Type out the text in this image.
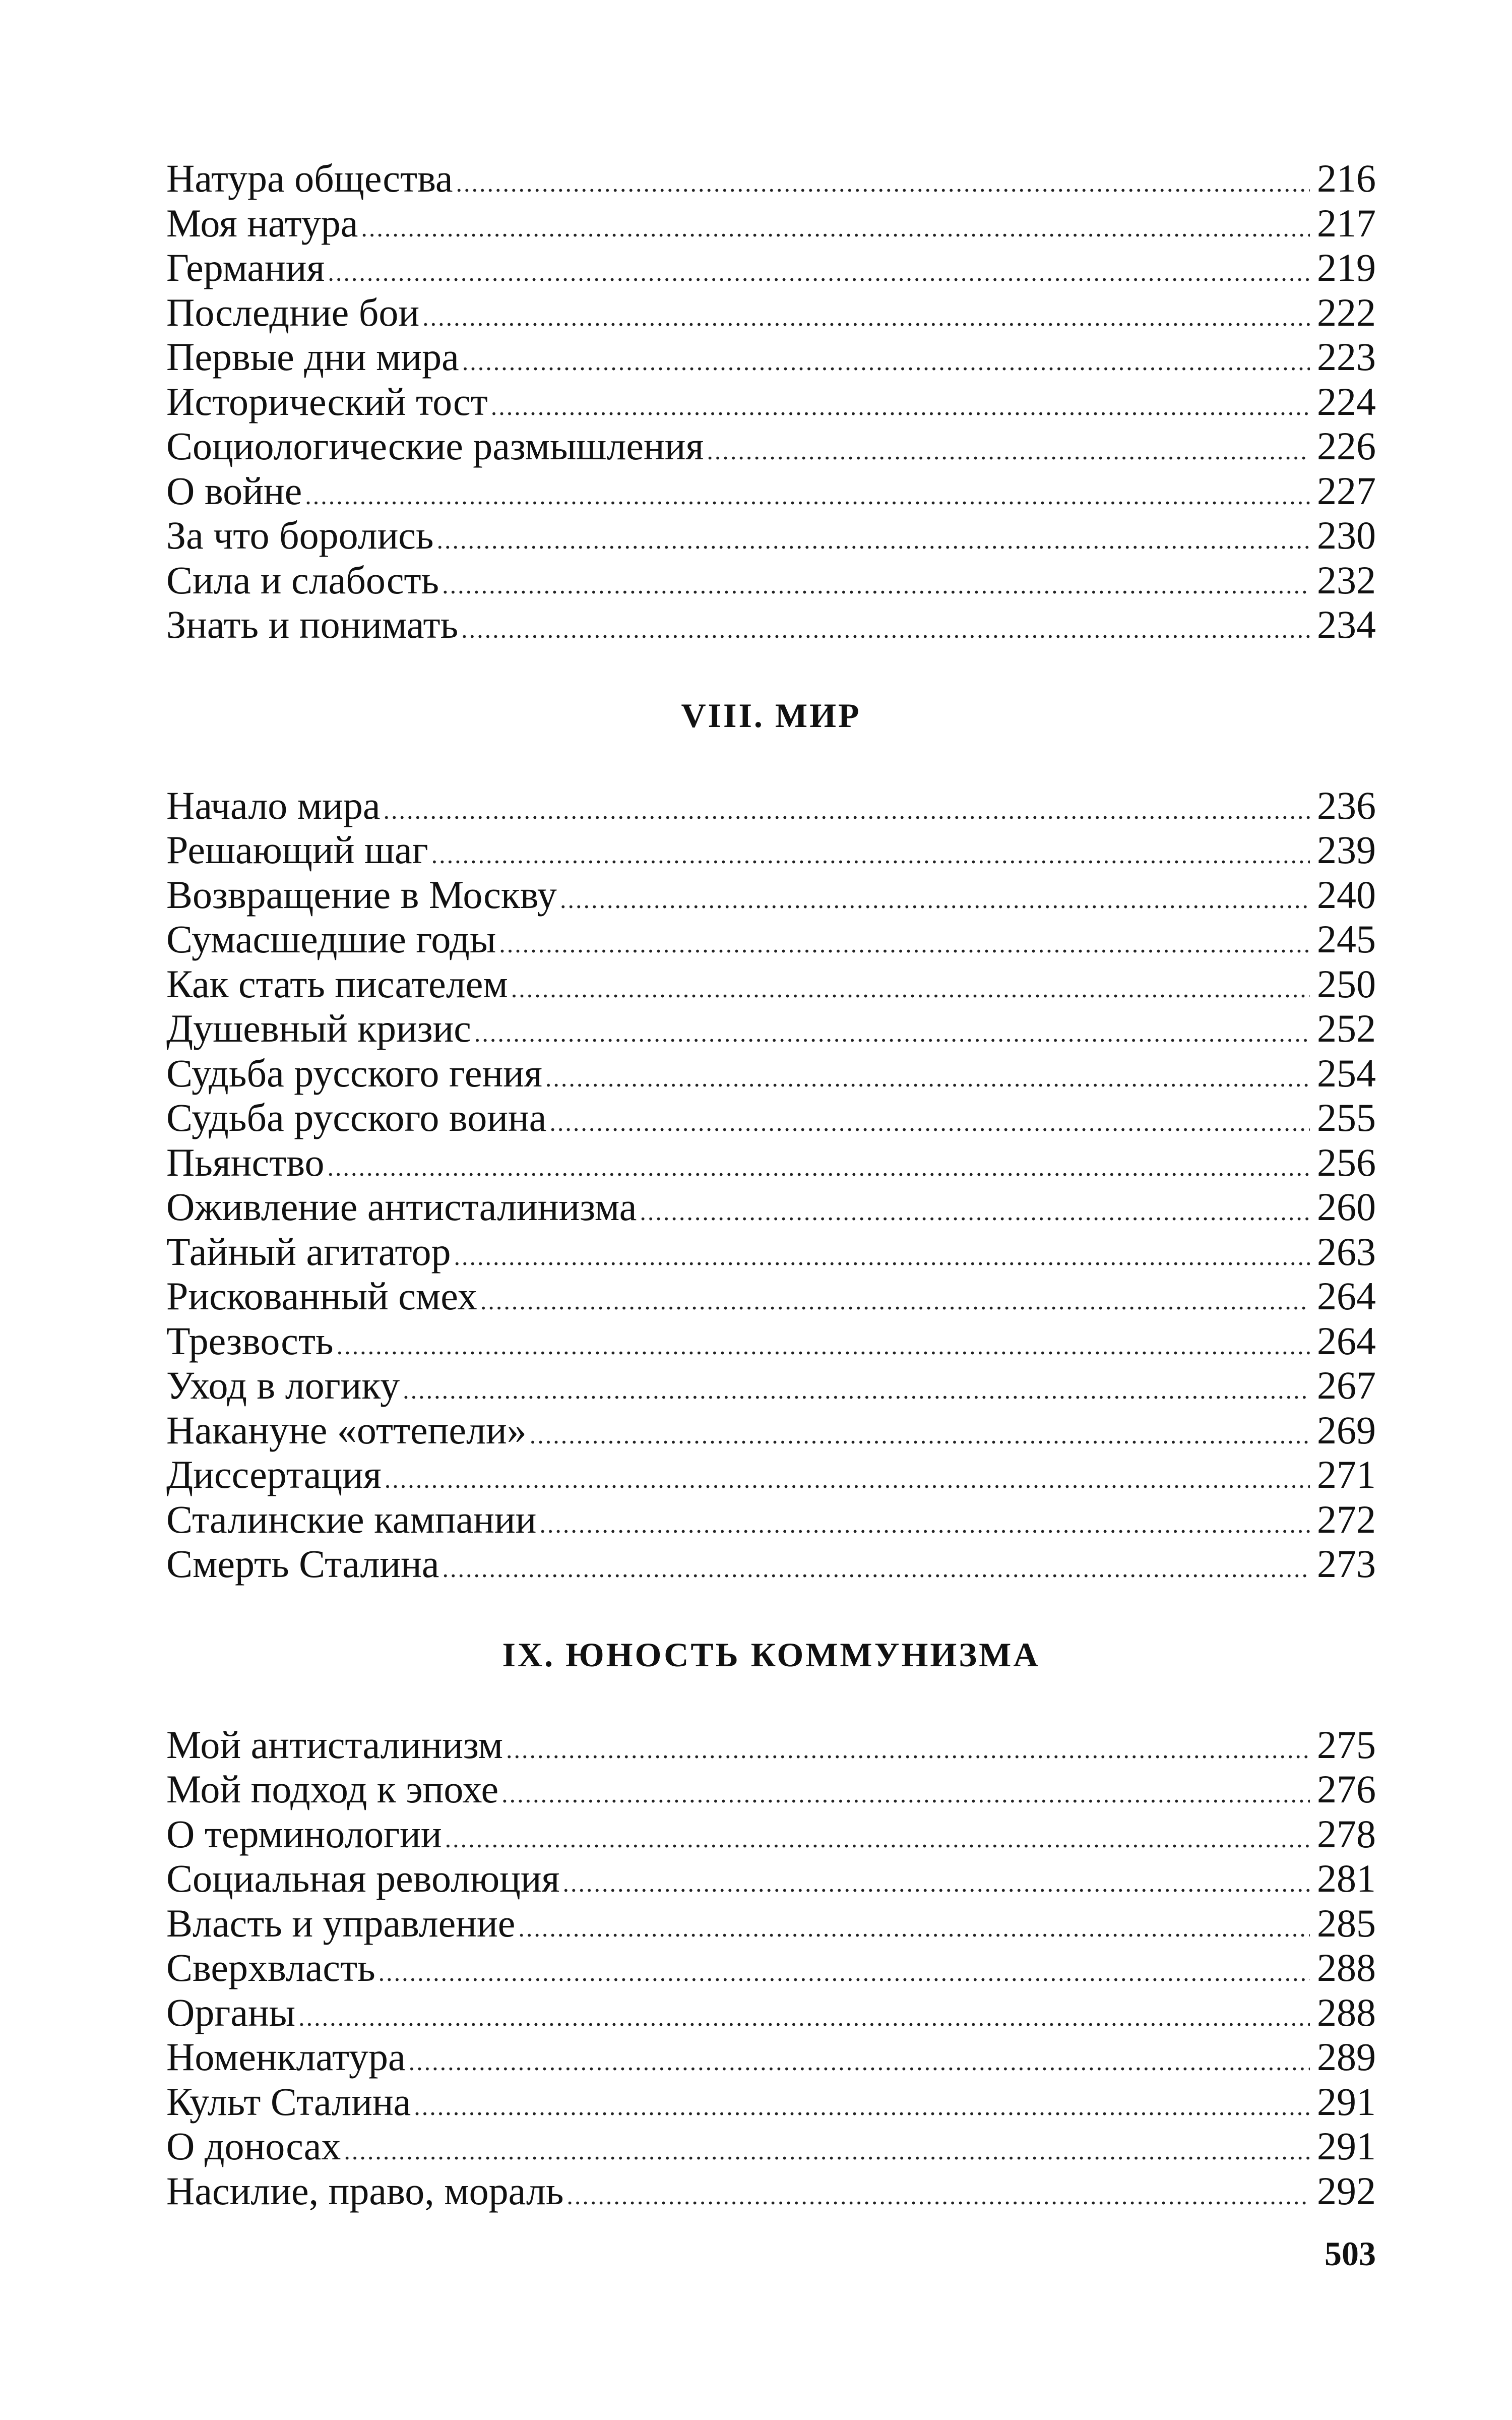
Натура общества .....	216
Моя натура .....	217
Германия .....	219
Последние бои .....	222
Первые дни мира .....	223
Исторический тост .....	224
Социологические размышления .....	226
О войне .....	227
За что боролись .....	230
Сила и слабость .....	232
Знать и понимать .....	234
VIII. МИР
Начало мира .....	236
Решающий шаг .....	239
Возвращение в Москву .....	240
Сумасшедшие годы .....	245
Как стать писателем .....	250
Душевный кризис .....	252
Судьба русского гения .....	254
Судьба русского воина .....	255
Пьянство .....	256
Оживление антисталинизма .....	260
Тайный агитатор .....	263
Рискованный смех .....	264
Трезвость .....	264
Уход в логику .....	267
Накануне «оттепели» .....	269
Диссертация .....	271
Сталинские кампании .....	272
Смерть Сталина .....	273
IX. ЮНОСТЬ КОММУНИЗМА
Мой антисталинизм .....	275
Мой подход к эпохе .....	276
О терминологии .....	278
Социальная революция .....	281
Власть и управление .....	285
Сверхвласть .....	288
Органы .....	288
Номенклатура .....	289
Культ Сталина .....	291
О доносах .....	291
Насилие, право, мораль .....	292
503
